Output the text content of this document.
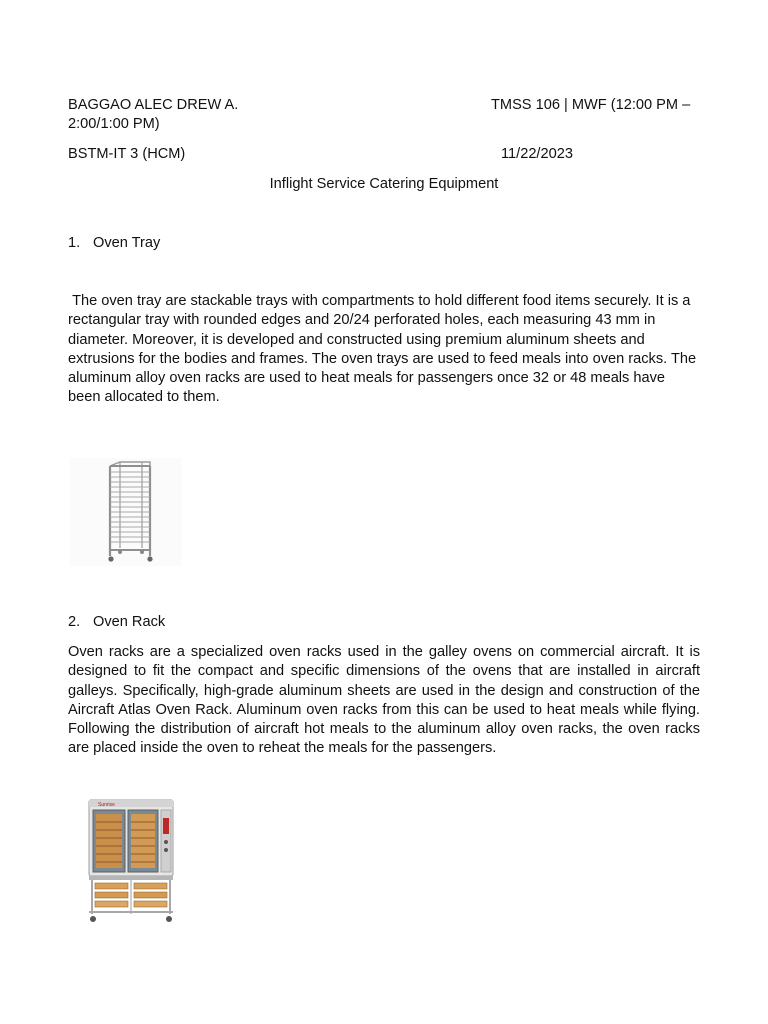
BAGGAO ALEC DREW A.	TMSS 106 | MWF (12:00 PM –
2:00/1:00 PM)
BSTM-IT 3 (HCM)	11/22/2023
Inflight Service Catering Equipment
1. Oven Tray
The oven tray are stackable trays with compartments to hold different food items securely. It is a rectangular tray with rounded edges and 20/24 perforated holes, each measuring 43 mm in diameter. Moreover, it is developed and constructed using premium aluminum sheets and extrusions for the bodies and frames. The oven trays are used to feed meals into oven racks. The aluminum alloy oven racks are used to heat meals for passengers once 32 or 48 meals have been allocated to them.
2. Oven Rack
Oven racks are a specialized oven racks used in the galley ovens on commercial aircraft. It is designed to fit the compact and specific dimensions of the ovens that are installed in aircraft galleys. Specifically, high-grade aluminum sheets are used in the design and construction of the Aircraft Atlas Oven Rack. Aluminum oven racks from this can be used to heat meals while flying. Following the distribution of aircraft hot meals to the aluminum alloy oven racks, the oven racks are placed inside the oven to reheat the meals for the passengers.
Sunrise
